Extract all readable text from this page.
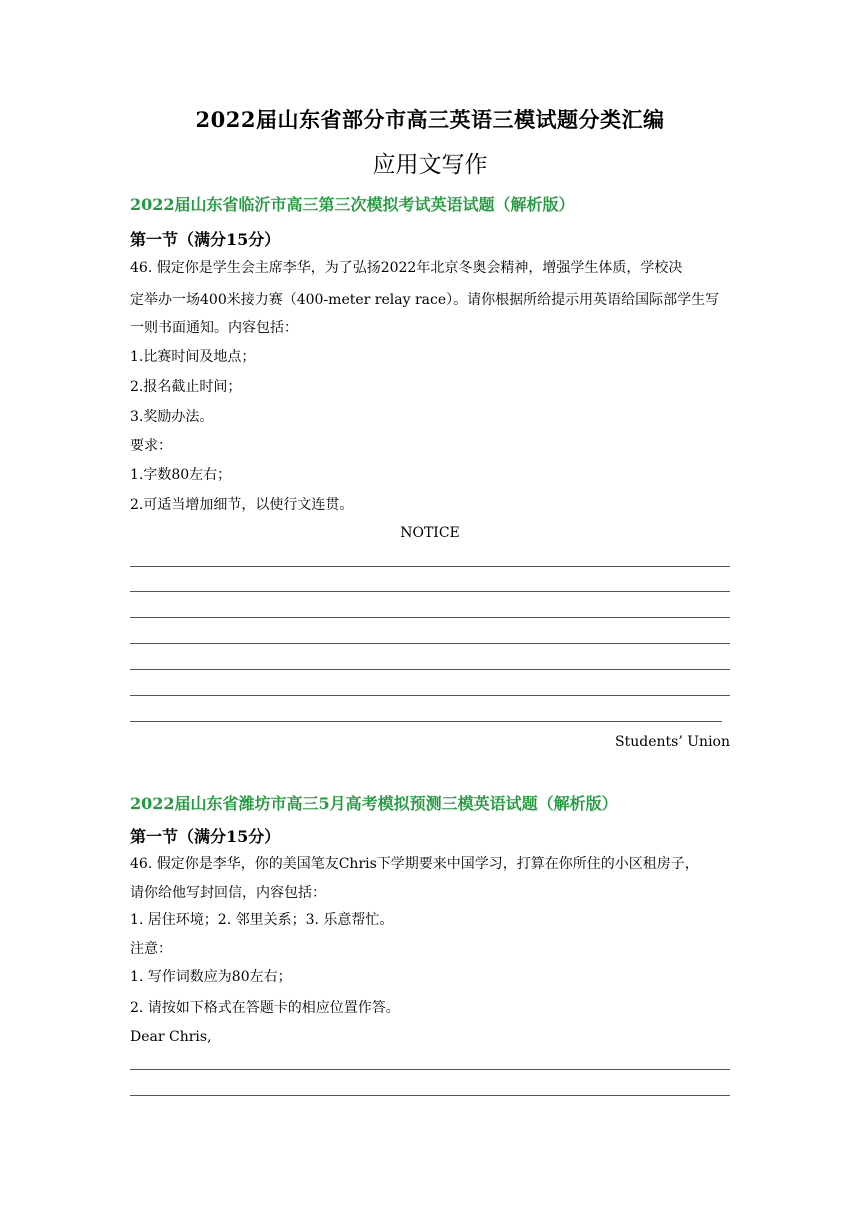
2022届山东省部分市高三英语三模试题分类汇编
应用文写作
2022届山东省临沂市高三第三次模拟考试英语试题（解析版）
第一节（满分15分）
46. 假定你是学生会主席李华，为了弘扬2022年北京冬奥会精神，增强学生体质，学校决
定举办一场400米接力赛（400-meter relay race）。请你根据所给提示用英语给国际部学生写
一则书面通知。内容包括：
1.比赛时间及地点；
2.报名截止时间；
3.奖励办法。
要求：
1.字数80左右；
2.可适当增加细节，以使行文连贯。
NOTICE
Students’ Union
2022届山东省潍坊市高三5月高考模拟预测三模英语试题（解析版）
第一节（满分15分）
46. 假定你是李华，你的美国笔友Chris下学期要来中国学习，打算在你所住的小区租房子，
请你给他写封回信，内容包括：
1. 居住环境；2. 邻里关系；3. 乐意帮忙。
注意：
1. 写作词数应为80左右；
2. 请按如下格式在答题卡的相应位置作答。
Dear Chris,
